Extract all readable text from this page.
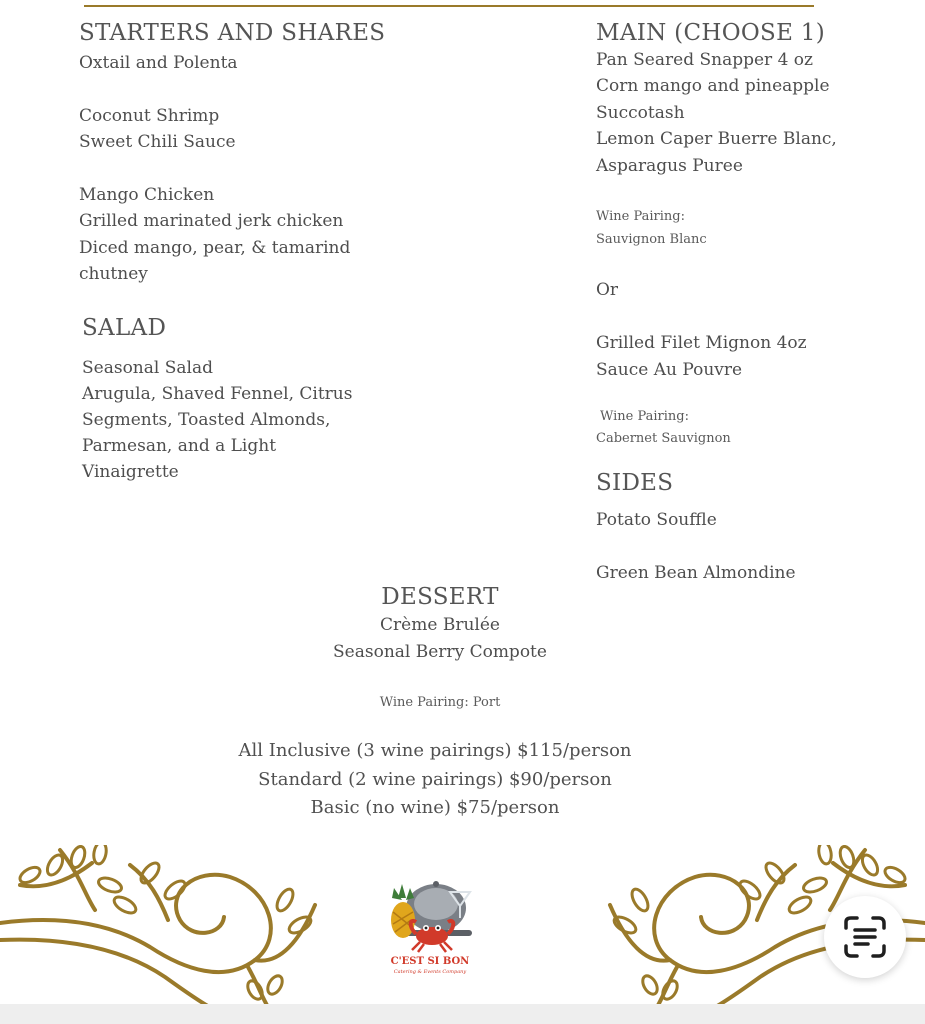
STARTERS AND SHARES
Oxtail and Polenta
Coconut Shrimp
Sweet Chili Sauce
Mango Chicken
Grilled marinated jerk chicken
Diced mango, pear, & tamarind
chutney
SALAD
Seasonal Salad
Arugula, Shaved Fennel, Citrus
Segments, Toasted Almonds,
Parmesan, and a Light
Vinaigrette
MAIN (CHOOSE 1)
Pan Seared Snapper 4 oz
Corn mango and pineapple
Succotash
Lemon Caper Buerre Blanc,
Asparagus Puree
Wine Pairing:
Sauvignon Blanc
Or
Grilled Filet Mignon 4oz
Sauce Au Pouvre
Wine Pairing:
Cabernet Sauvignon
SIDES
Potato Souffle
Green Bean Almondine
DESSERT
Crème Brulée
Seasonal Berry Compote
Wine Pairing: Port
All Inclusive (3 wine pairings) $115/person
Standard (2 wine pairings) $90/person
Basic (no wine) $75/person
C'EST SI BON
Catering & Events Company
